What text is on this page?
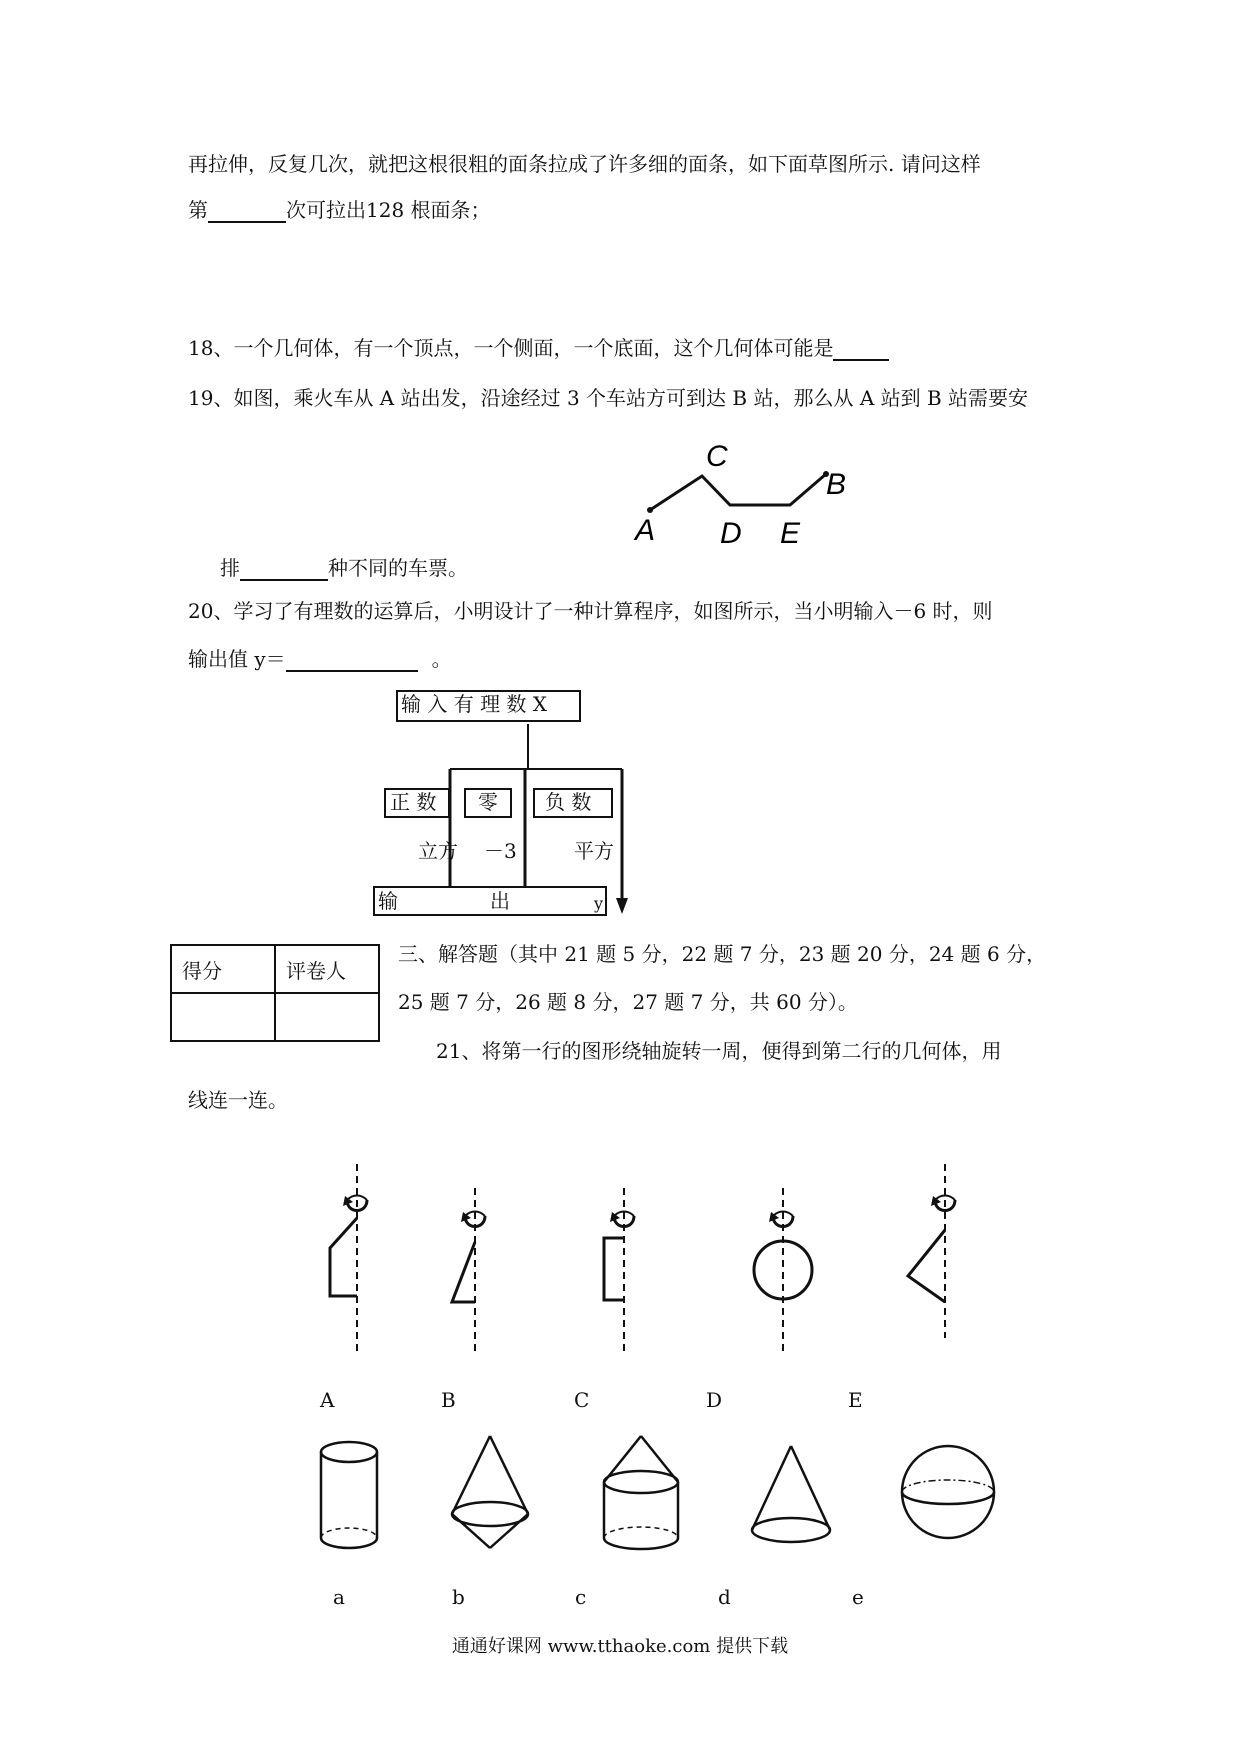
再拉伸，反复几次，就把这根很粗的面条拉成了许多细的面条，如下面草图所示. 请问这样
第	次可拉出128 根面条；
18、一个几何体，有一个顶点，一个侧面，一个底面，这个几何体可能是
19、如图，乘火车从 A 站出发，沿途经过 3 个车站方可到达 B 站，那么从 A 站到 B 站需要安
A
C
D E
B
排	种不同的车票。
20、学习了有理数的运算后，小明设计了一种计算程序，如图所示，当小明输入－6 时，则
输出值 y＝	。
输 入 有 理 数 X
正 数	零	负 数
立方 －3	平方
输	出	y
得分	评卷人

三、解答题（其中 21 题 5 分，22 题 7 分，23 题 20 分，24 题 6 分，
25 题 7 分，26 题 8 分，27 题 7 分，共 60 分）。
21、将第一行的图形绕轴旋转一周，便得到第二行的几何体，用
线连一连。
A	B	C	D	E
a	b	c	d	e
通通好课网 www.tthaoke.com 提供下载
